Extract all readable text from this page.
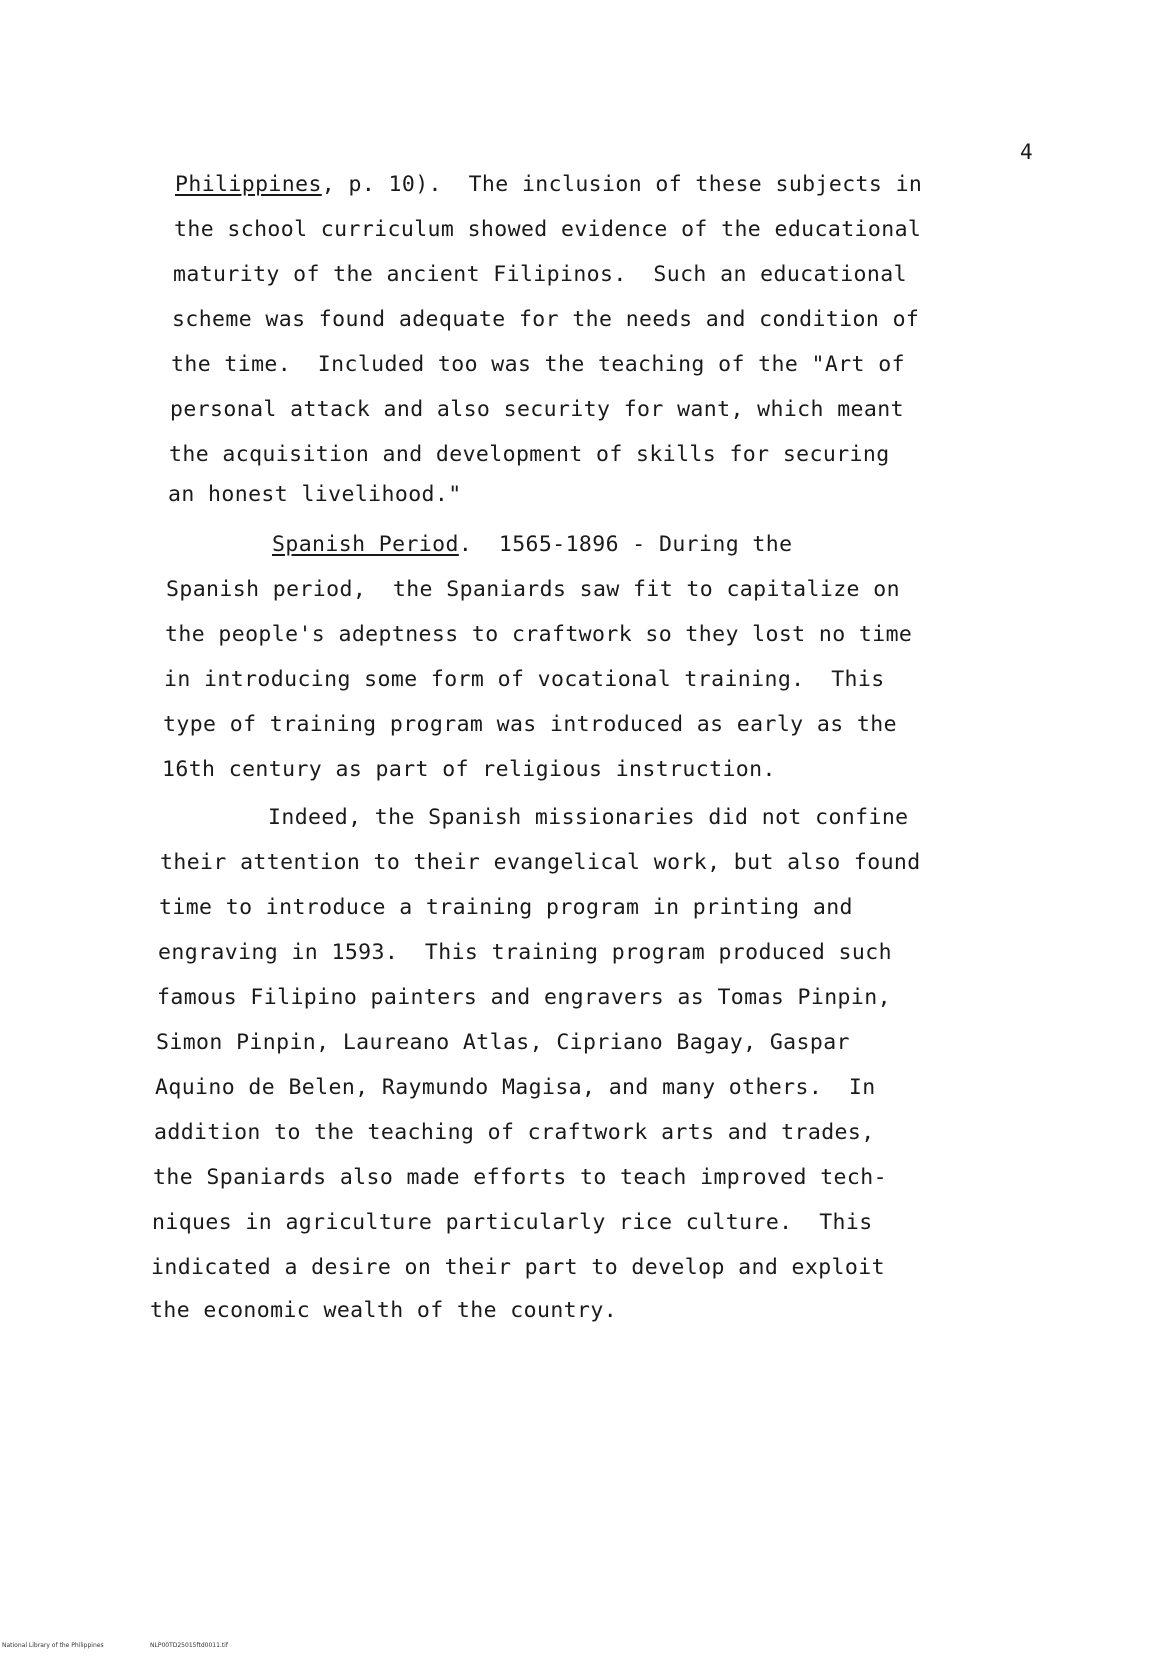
4
Philippines, p. 10).  The inclusion of these subjects in
the school curriculum showed evidence of the educational
maturity of the ancient Filipinos.  Such an educational
scheme was found adequate for the needs and condition of
the time.  Included too was the teaching of the "Art of
personal attack and also security for want, which meant
the acquisition and development of skills for securing
an honest livelihood."
Spanish Period.  1565-1896 - During the
Spanish period,  the Spaniards saw fit to capitalize on
the people's adeptness to craftwork so they lost no time
in introducing some form of vocational training.  This
type of training program was introduced as early as the
16th century as part of religious instruction.
Indeed, the Spanish missionaries did not confine
their attention to their evangelical work, but also found
time to introduce a training program in printing and
engraving in 1593.  This training program produced such
famous Filipino painters and engravers as Tomas Pinpin,
Simon Pinpin, Laureano Atlas, Cipriano Bagay, Gaspar
Aquino de Belen, Raymundo Magisa, and many others.  In
addition to the teaching of craftwork arts and trades,
the Spaniards also made efforts to teach improved tech-
niques in agriculture particularly rice culture.  This
indicated a desire on their part to develop and exploit
the economic wealth of the country.
National Library of the Philippines	NLP00TD25015ftd0011.tif
